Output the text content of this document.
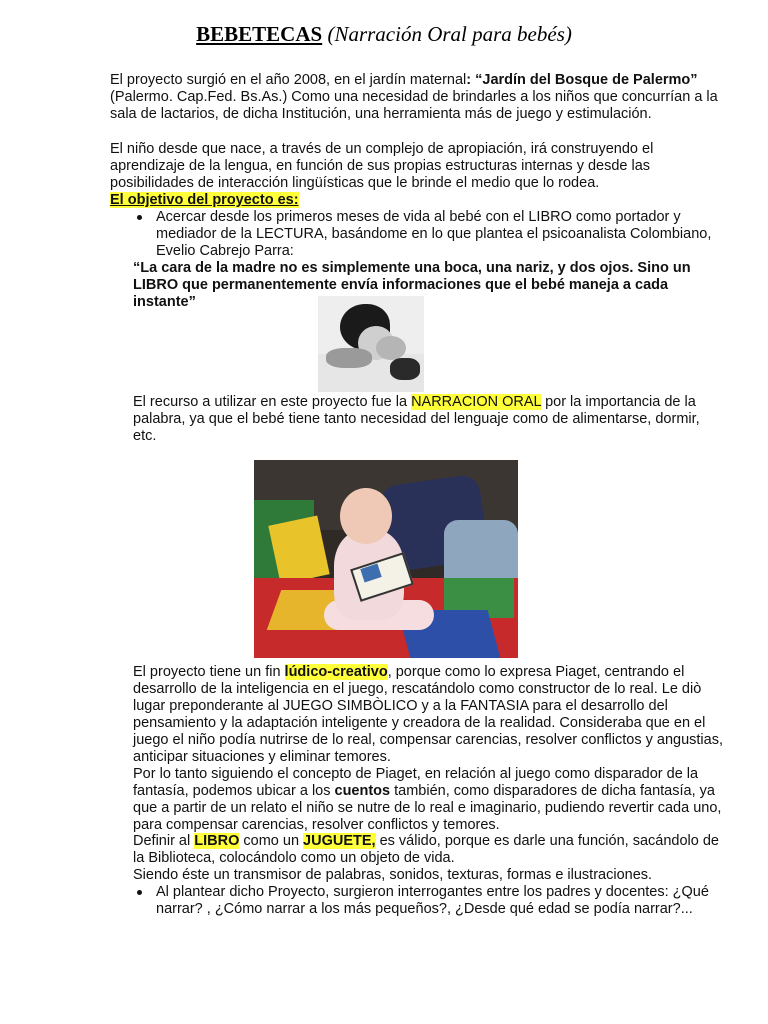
BEBETECAS (Narración Oral para bebés)
El proyecto surgió en el año 2008, en el jardín maternal: “Jardín del Bosque de Palermo” (Palermo. Cap.Fed. Bs.As.) Como una necesidad de brindarles a los niños que concurrían a la sala de lactarios, de dicha Institución, una herramienta más de juego y estimulación.
El niño desde que nace, a través de un complejo de apropiación, irá construyendo el aprendizaje de la lengua, en función de sus propias estructuras internas y desde las posibilidades de interacción lingüísticas que le brinde el medio que lo rodea.
El objetivo del proyecto es:
Acercar desde los primeros meses de vida al bebé con el LIBRO como portador y mediador de la LECTURA, basándome en lo que plantea el psicoanalista Colombiano, Evelio Cabrejo Parra:
“La cara de la madre no es simplemente una boca, una nariz, y dos ojos. Sino un LIBRO que permanentemente envía informaciones que el bebé maneja a cada instante”
El recurso a utilizar en este proyecto fue la NARRACION ORAL por la importancia de la palabra, ya que el bebé tiene tanto necesidad del lenguaje como de alimentarse, dormir, etc.
El proyecto tiene un fin lúdico-creativo, porque como lo expresa Piaget, centrando el desarrollo de la inteligencia en el juego, rescatándolo como constructor de lo real. Le diò lugar preponderante al JUEGO SIMBÒLICO y a la FANTASIA para el desarrollo del pensamiento y la adaptación inteligente y creadora de la realidad. Consideraba que en el juego el niño podía nutrirse de lo real, compensar carencias, resolver conflictos y angustias, anticipar situaciones y eliminar temores.
Por lo tanto siguiendo el concepto de Piaget, en relación al juego como disparador de la fantasía, podemos ubicar a los cuentos también, como disparadores de dicha fantasía, ya que a partir de un relato el niño se nutre de lo real e imaginario, pudiendo revertir cada uno, para compensar carencias, resolver conflictos y temores.
Definir al LIBRO como un JUGUETE, es válido, porque es darle una función, sacándolo de la Biblioteca, colocándolo como un objeto de vida.
Siendo éste un transmisor de palabras, sonidos, texturas, formas e ilustraciones.
Al plantear dicho Proyecto, surgieron interrogantes entre los padres y docentes: ¿Qué narrar? , ¿Cómo narrar a los más pequeños?, ¿Desde qué edad se podía narrar?...
